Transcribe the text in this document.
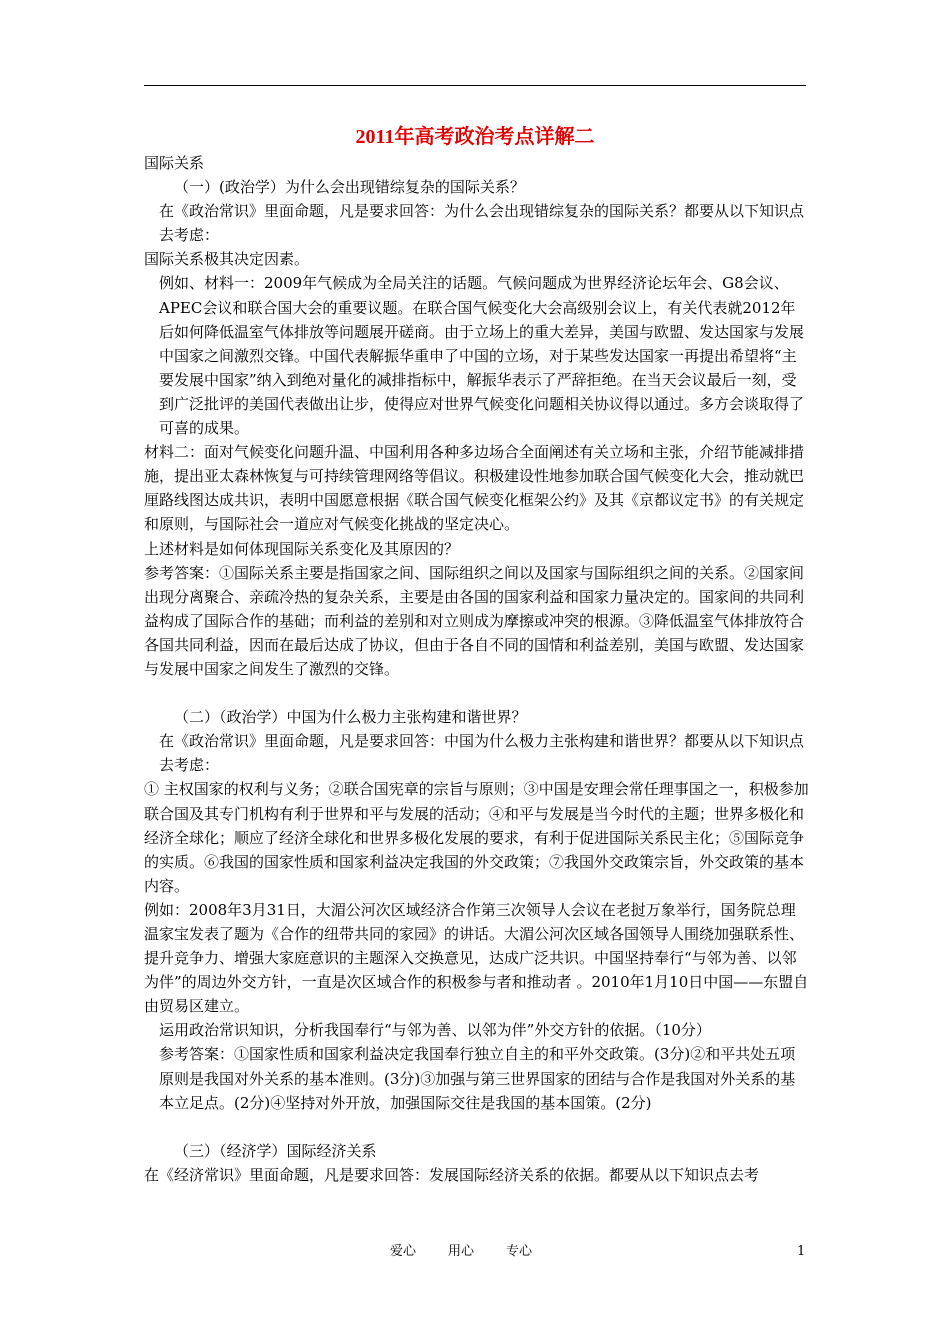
2011年高考政治考点详解二

国际关系

（一）(政治学）为什么会出现错综复杂的国际关系？

在《政治常识》里面命题，凡是要求回答：为什么会出现错综复杂的国际关系？都要从以下知识点去考虑：

国际关系极其决定因素。

例如、材料一：2009年气候成为全局关注的话题。气候问题成为世界经济论坛年会、G8会议、APEC会议和联合国大会的重要议题。在联合国气候变化大会高级别会议上，有关代表就2012年后如何降低温室气体排放等问题展开磋商。由于立场上的重大差异，美国与欧盟、发达国家与发展中国家之间激烈交锋。中国代表解振华重申了中国的立场，对于某些发达国家一再提出希望将“主要发展中国家”纳入到绝对量化的减排指标中，解振华表示了严辞拒绝。在当天会议最后一刻，受到广泛批评的美国代表做出让步，使得应对世界气候变化问题相关协议得以通过。多方会谈取得了可喜的成果。

材料二：面对气候变化问题升温、中国利用各种多边场合全面阐述有关立场和主张，介绍节能减排措施，提出亚太森林恢复与可持续管理网络等倡议。积极建设性地参加联合国气候变化大会，推动就巴厘路线图达成共识，表明中国愿意根据《联合国气候变化框架公约》及其《京都议定书》的有关规定和原则，与国际社会一道应对气候变化挑战的坚定决心。

上述材料是如何体现国际关系变化及其原因的？

参考答案：①国际关系主要是指国家之间、国际组织之间以及国家与国际组织之间的关系。②国家间出现分离聚合、亲疏冷热的复杂关系，主要是由各国的国家利益和国家力量决定的。国家间的共同利益构成了国际合作的基础；而利益的差别和对立则成为摩擦或冲突的根源。③降低温室气体排放符合各国共同利益，因而在最后达成了协议，但由于各自不同的国情和利益差别，美国与欧盟、发达国家与发展中国家之间发生了激烈的交锋。

（二）（政治学）中国为什么极力主张构建和谐世界？

在《政治常识》里面命题，凡是要求回答：中国为什么极力主张构建和谐世界？都要从以下知识点去考虑：

① 主权国家的权利与义务；②联合国宪章的宗旨与原则；③中国是安理会常任理事国之一，积极参加联合国及其专门机构有利于世界和平与发展的活动；④和平与发展是当今时代的主题；世界多极化和经济全球化；顺应了经济全球化和世界多极化发展的要求，有利于促进国际关系民主化；⑤国际竞争的实质。⑥我国的国家性质和国家利益决定我国的外交政策；⑦我国外交政策宗旨，外交政策的基本内容。

例如：2008年3月31日，大湄公河次区域经济合作第三次领导人会议在老挝万象举行，国务院总理温家宝发表了题为《合作的纽带共同的家园》的讲话。大湄公河次区域各国领导人围绕加强联系性、提升竞争力、增强大家庭意识的主题深入交换意见，达成广泛共识。中国坚持奉行“与邻为善、以邻为伴”的周边外交方针，一直是次区域合作的积极参与者和推动者 。2010年1月10日中国——东盟自由贸易区建立。

运用政治常识知识，分析我国奉行“与邻为善、以邻为伴”外交方针的依据。（10分）

参考答案：①国家性质和国家利益决定我国奉行独立自主的和平外交政策。(3分)②和平共处五项原则是我国对外关系的基本准则。(3分)③加强与第三世界国家的团结与合作是我国对外关系的基本立足点。(2分)④坚持对外开放，加强国际交往是我国的基本国策。(2分)

（三）（经济学）国际经济关系

在《经济常识》里面命题，凡是要求回答：发展国际经济关系的依据。都要从以下知识点去考

爱心 用心 专心	1
